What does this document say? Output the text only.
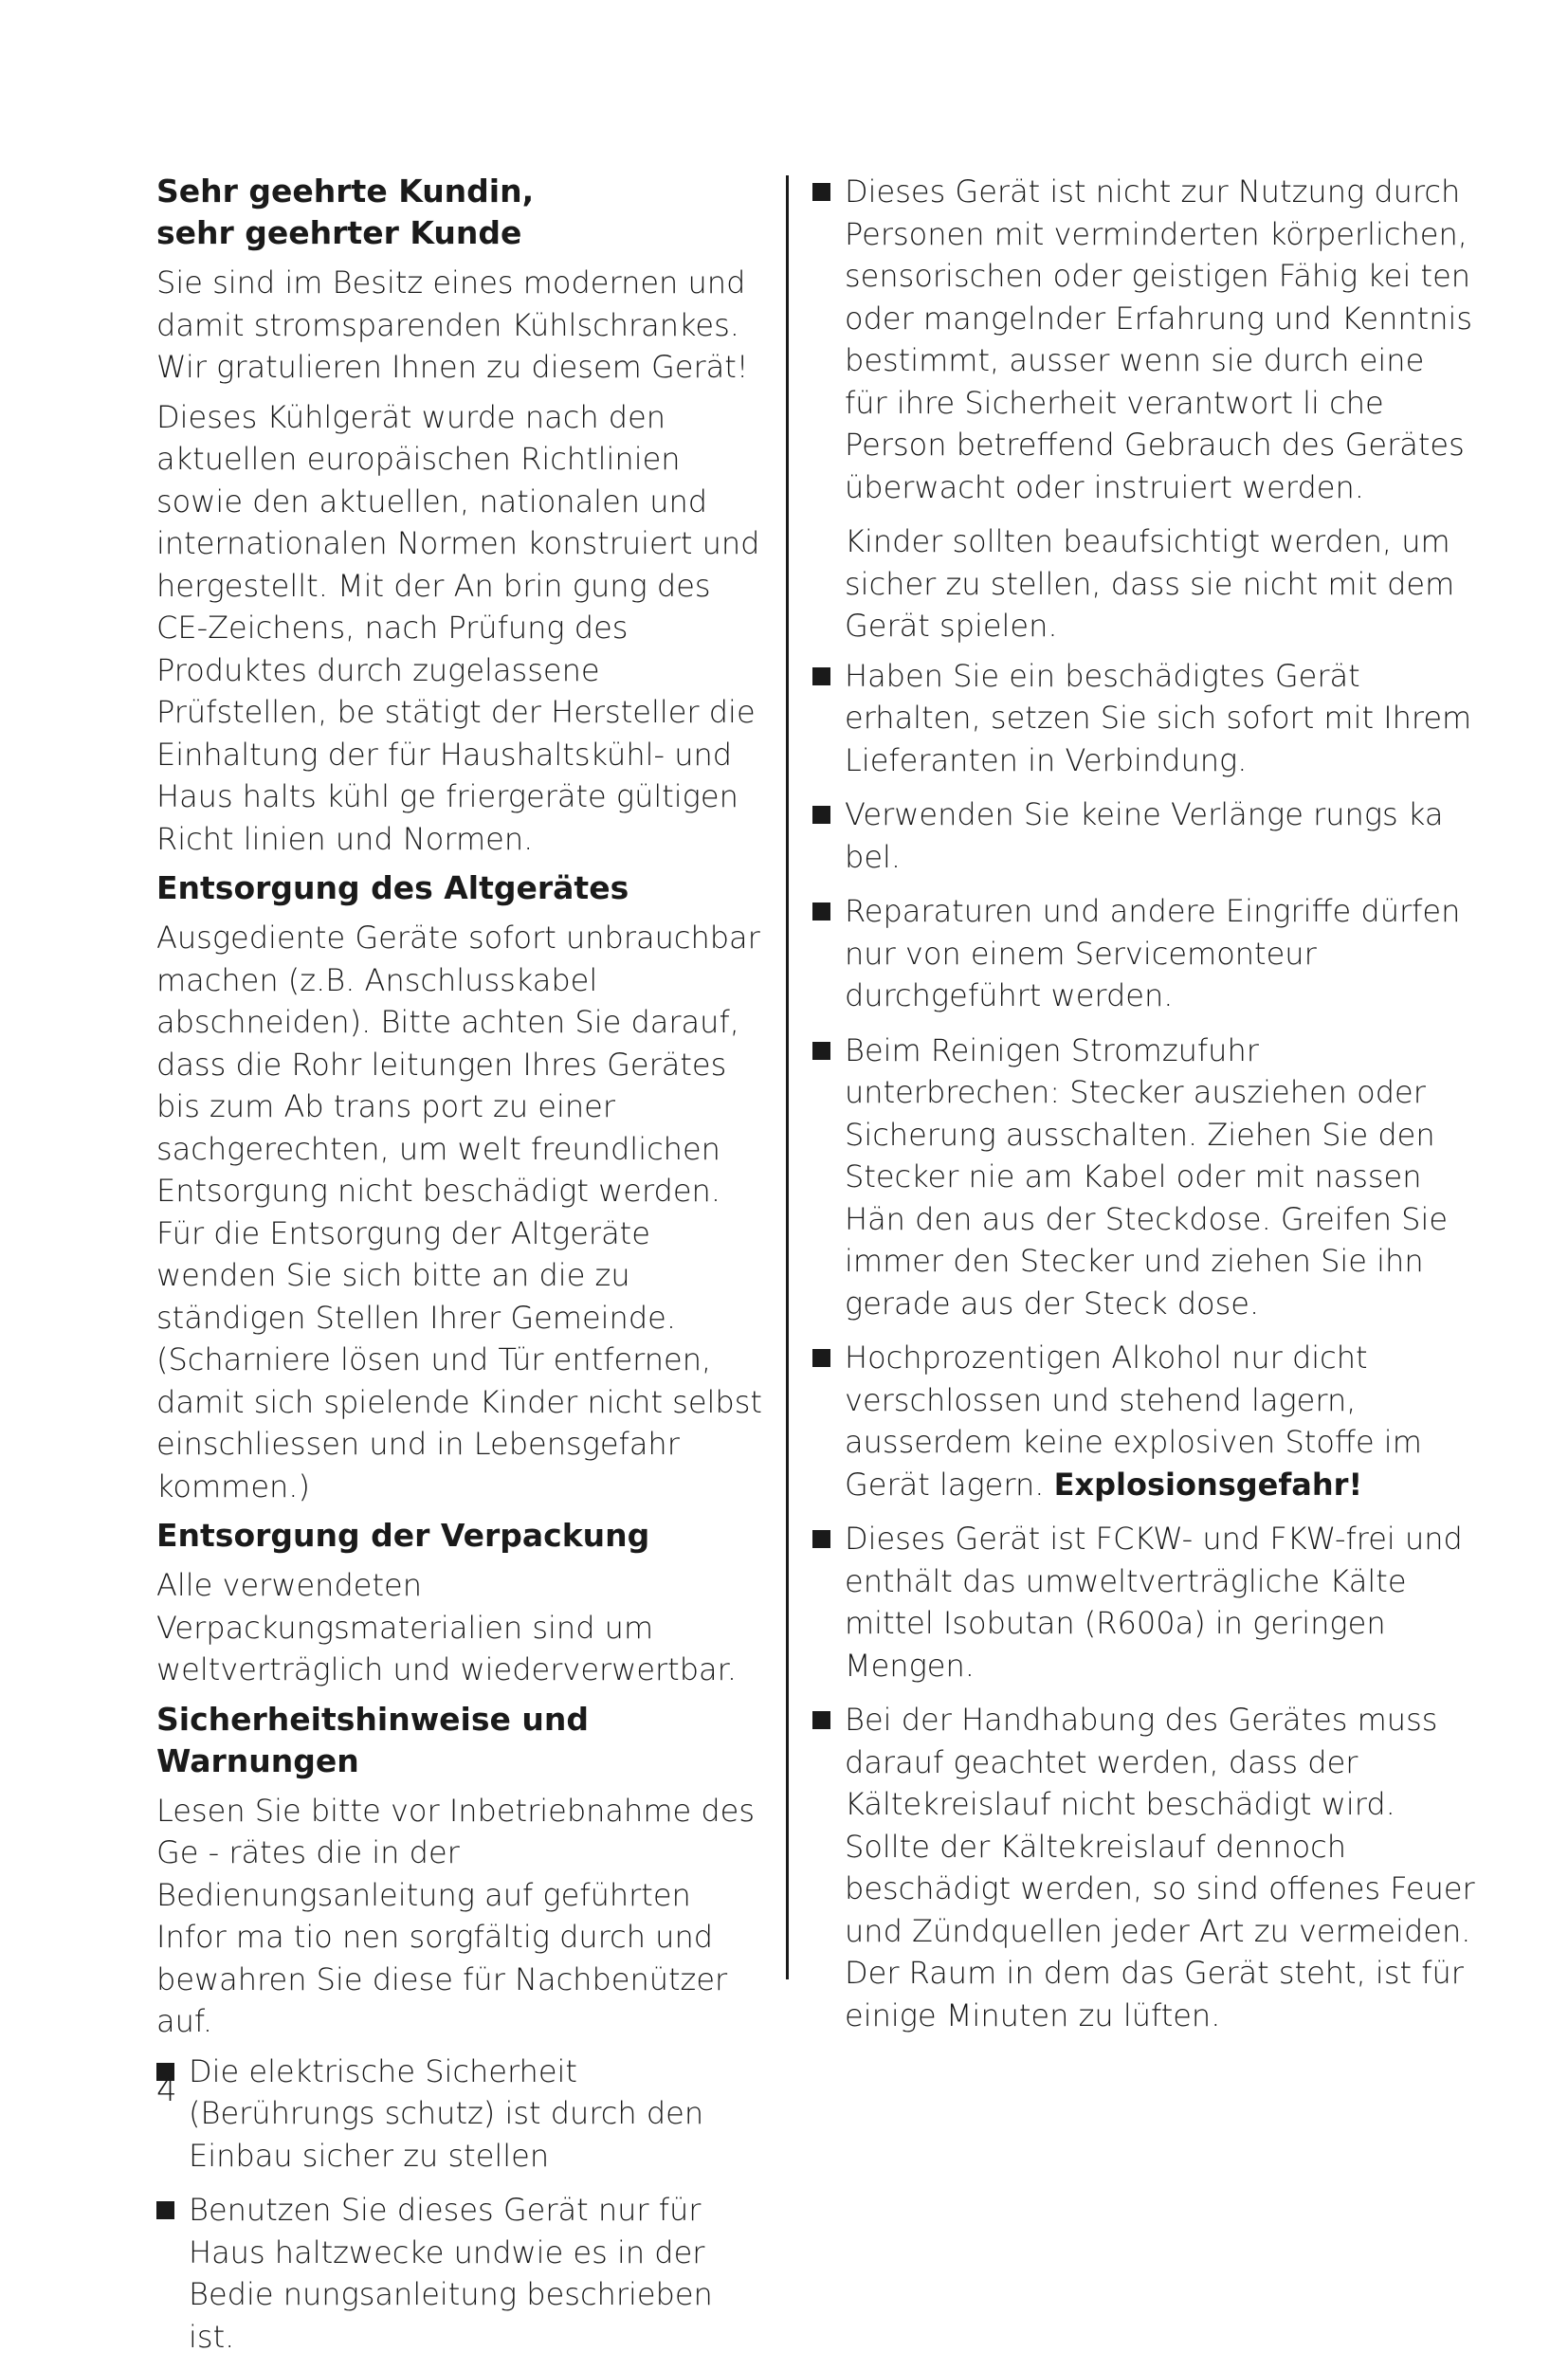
Sehr geehrte Kundin,
sehr geehrter Kunde

Sie sind im Besitz eines modernen und damit stromsparenden Kühlschrankes. Wir gratulieren Ihnen zu diesem Gerät!

Dieses Kühlgerät wurde nach den aktuellen europäischen Richtlinien sowie den aktuellen, nationalen und internationalen Normen konstruiert und hergestellt. Mit der An brin gung des CE-Zeichens, nach Prüfung des Produktes durch zugelassene Prüfstellen, be stätigt der Hersteller die Einhaltung der für Haushaltskühl- und Haus halts kühl ge friergeräte gültigen Richt linien und Normen.

Entsorgung des Altgerätes

Ausgediente Geräte sofort unbrauchbar machen (z.B. Anschlusskabel abschneiden). Bitte achten Sie darauf, dass die Rohr leitungen Ihres Gerätes bis zum Ab trans port zu einer sachgerechten, um welt freundlichen Entsorgung nicht beschädigt werden. Für die Entsorgung der Altgeräte wenden Sie sich bitte an die zu ständigen Stellen Ihrer Gemeinde. (Scharniere lösen und Tür entfernen, damit sich spielende Kinder nicht selbst einschliessen und in Lebensgefahr kommen.)

Entsorgung der Verpackung

Alle verwendeten Verpackungsmaterialien sind um weltverträglich und wiederverwertbar.

Sicherheitshinweise und Warnungen

Lesen Sie bitte vor Inbetriebnahme des Ge - rätes die in der Bedienungsanleitung auf geführten Infor ma tio nen sorgfältig durch und bewahren Sie diese für Nachbenützer auf.

Die elektrische Sicherheit (Berührungs schutz) ist durch den Einbau sicher zu stellen
Benutzen Sie dieses Gerät nur für Haus haltzwecke undwie es in der Bedie nungsanleitung beschrieben ist.
Dieses Gerät ist nicht zur Nutzung durch Personen mit verminderten körperlichen, sensorischen oder geistigen Fähig kei ten oder mangelnder Erfahrung und Kenntnis bestimmt, ausser wenn sie durch eine für ihre Sicherheit verantwort li che Person betreffend Gebrauch des Gerätes überwacht oder instruiert werden.

Kinder sollten beaufsichtigt werden, um sicher zu stellen, dass sie nicht mit dem Gerät spielen.

Haben Sie ein beschädigtes Gerät erhalten, setzen Sie sich sofort mit Ihrem Lieferanten in Verbindung.
Verwenden Sie keine Verlänge rungs ka bel.
Reparaturen und andere Eingriffe dürfen nur von einem Servicemonteur durchgeführt werden.
Beim Reinigen Stromzufuhr unterbrechen: Stecker ausziehen oder Sicherung ausschalten. Ziehen Sie den Stecker nie am Kabel oder mit nassen Hän den aus der Steckdose. Greifen Sie immer den Stecker und ziehen Sie ihn gerade aus der Steck dose.
Hochprozentigen Alkohol nur dicht verschlossen und stehend lagern, ausserdem keine explosiven Stoffe im Gerät lagern. Explosionsgefahr!
Dieses Gerät ist FCKW- und FKW-frei und enthält das umweltverträgliche Kälte mittel Isobutan (R600a) in geringen Mengen.
Bei der Handhabung des Gerätes muss darauf geachtet werden, dass der Kältekreislauf nicht beschädigt wird. Sollte der Kältekreislauf dennoch beschädigt werden, so sind offenes Feuer und Zündquellen jeder Art zu vermeiden. Der Raum in dem das Gerät steht, ist für einige Minuten zu lüften.
4
